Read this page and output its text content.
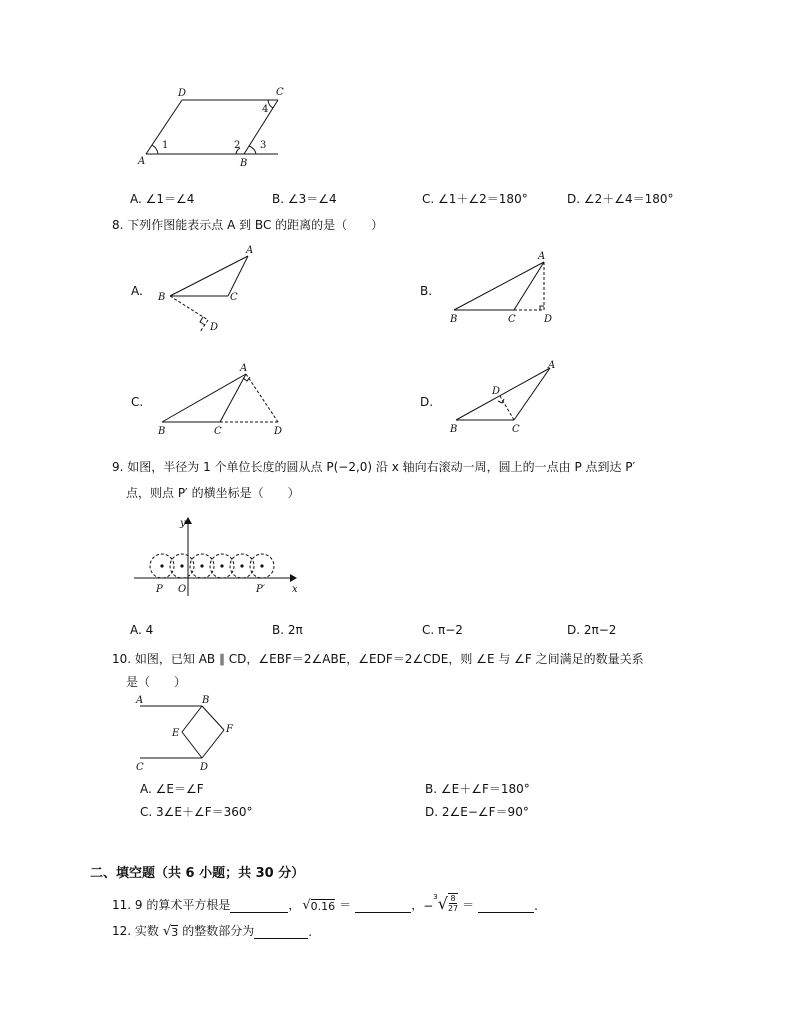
A	B
C
D
1	2 3
4
A. ∠1＝∠4	B. ∠3＝∠4	C. ∠1＋∠2＝180°	D. ∠2＋∠4＝180°
8. 下列作图能表示点 A 到 BC 的距离的是（　　）
A.
A
B	C
D
B.
A
B	C	D
C.
A
B	C	D
D.
A
B	C
D
9. 如图，半径为 1 个单位长度的圆从点 P(−2,0) 沿 x 轴向右滚动一周，圆上的一点由 P 点到达 P′
点，则点 P′ 的横坐标是（　　）
y
x
O
P	P′
A. 4	B. 2π	C. π−2	D. 2π−2
10. 如图，已知 AB ∥ CD，∠EBF＝2∠ABE，∠EDF＝2∠CDE，则 ∠E 与 ∠F 之间满足的数量关系
是（　　）
A	B
C	D
E	F
A. ∠E＝∠F	B. ∠E＋∠F＝180°
C. 3∠E＋∠F＝360°	D. 2∠E−∠F＝90°
二、填空题（共 6 小题；共 30 分）
11. 9 的算术平方根是	， √ 0.16 ＝	， −
3 √ $\frac{8}{27}$ ＝	.
12. 实数 √ 3 的整数部分为	.
